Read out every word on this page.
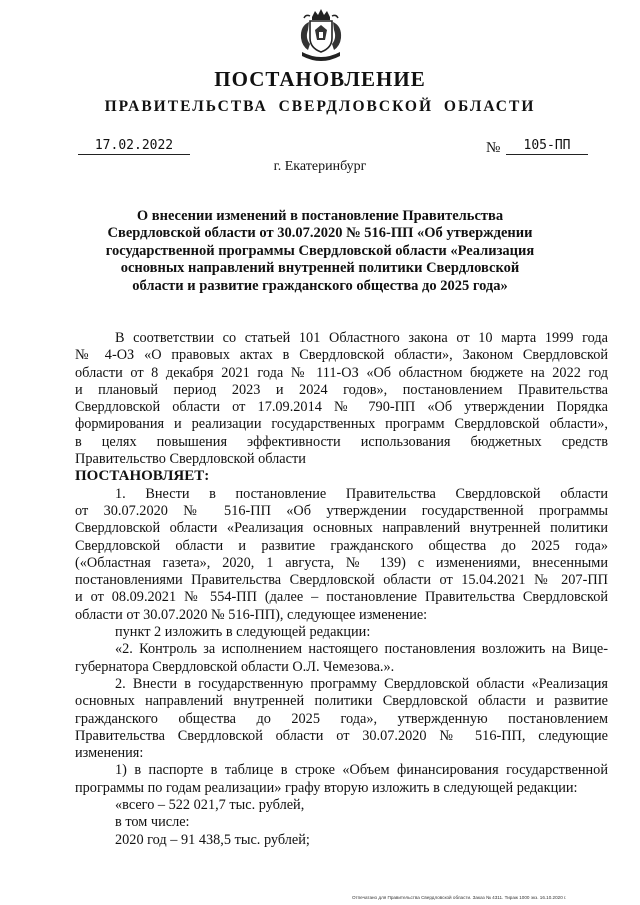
ПОСТАНОВЛЕНИЕ
ПРАВИТЕЛЬСТВА СВЕРДЛОВСКОЙ ОБЛАСТИ
17.02.2022	№	105-ПП
г. Екатеринбург
О внесении изменений в постановление Правительства Свердловской области от 30.07.2020 № 516-ПП «Об утверждении государственной программы Свердловской области «Реализация основных направлений внутренней политики Свердловской области и развитие гражданского общества до 2025 года»

В соответствии со статьей 101 Областного закона от 10 марта 1999 года

№ 4-ОЗ «О правовых актах в Свердловской области», Законом Свердловской

области от 8 декабря 2021 года № 111-ОЗ «Об областном бюджете на 2022 год

и плановый период 2023 и 2024 годов», постановлением Правительства

Свердловской области от 17.09.2014 № 790-ПП «Об утверждении Порядка

формирования и реализации государственных программ Свердловской области»,

в целях повышения эффективности использования бюджетных средств

Правительство Свердловской области

ПОСТАНОВЛЯЕТ:

1. Внести в постановление Правительства Свердловской области

от 30.07.2020 № 516-ПП «Об утверждении государственной программы

Свердловской области «Реализация основных направлений внутренней политики

Свердловской области и развитие гражданского общества до 2025 года»

(«Областная газета», 2020, 1 августа, № 139) с изменениями, внесенными

постановлениями Правительства Свердловской области от 15.04.2021 № 207-ПП

и от 08.09.2021 № 554-ПП (далее – постановление Правительства Свердловской

области от 30.07.2020 № 516-ПП), следующее изменение:

пункт 2 изложить в следующей редакции:

«2. Контроль за исполнением настоящего постановления возложить на Вице-

губернатора Свердловской области О.Л. Чемезова.».

2. Внести в государственную программу Свердловской области «Реализация

основных направлений внутренней политики Свердловской области и развитие

гражданского общества до 2025 года», утвержденную постановлением

Правительства Свердловской области от 30.07.2020 № 516-ПП, следующие

изменения:

1) в паспорте в таблице в строке «Объем финансирования государственной

программы по годам реализации» графу вторую изложить в следующей редакции:

«всего – 522 021,7 тыс. рублей,

в том числе:

2020 год – 91 438,5 тыс. рублей;

Отпечатано для Правительства Свердловской области. Заказ № 4311. Тираж 1000 экз. 16.10.2020 г.
